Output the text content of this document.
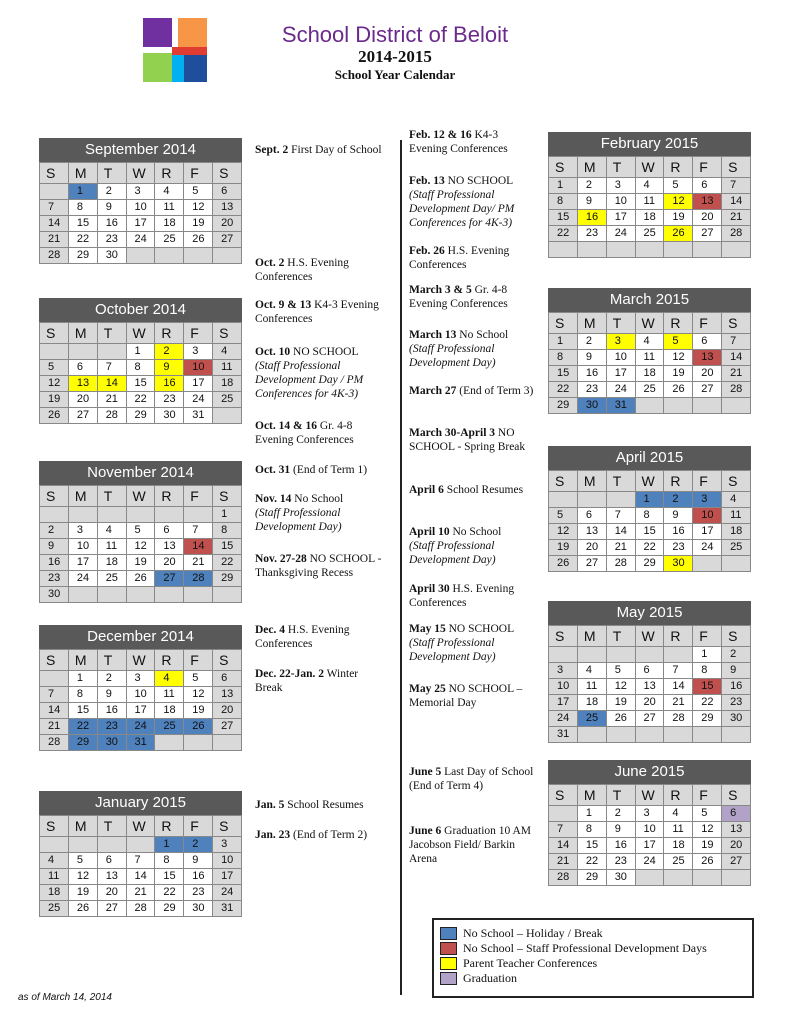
School District of Beloit
2014-2015
School Year Calendar
September 2014
S	M	T	W	R	F	S
	1	2	3	4	5	6
7	8	9	10	11	12	13
14	15	16	17	18	19	20
21	22	23	24	25	26	27
28	29	30				
October 2014
S	M	T	W	R	F	S
			1	2	3	4
5	6	7	8	9	10	11
12	13	14	15	16	17	18
19	20	21	22	23	24	25
26	27	28	29	30	31	
November 2014
S	M	T	W	R	F	S
						1
2	3	4	5	6	7	8
9	10	11	12	13	14	15
16	17	18	19	20	21	22
23	24	25	26	27	28	29
30						
December 2014
S	M	T	W	R	F	S
	1	2	3	4	5	6
7	8	9	10	11	12	13
14	15	16	17	18	19	20
21	22	23	24	25	26	27
28	29	30	31			
January 2015
S	M	T	W	R	F	S
				1	2	3
4	5	6	7	8	9	10
11	12	13	14	15	16	17
18	19	20	21	22	23	24
25	26	27	28	29	30	31
February 2015
S	M	T	W	R	F	S
1	2	3	4	5	6	7
8	9	10	11	12	13	14
15	16	17	18	19	20	21
22	23	24	25	26	27	28

March 2015
S	M	T	W	R	F	S
1	2	3	4	5	6	7
8	9	10	11	12	13	14
15	16	17	18	19	20	21
22	23	24	25	26	27	28
29	30	31				
April 2015
S	M	T	W	R	F	S
			1	2	3	4
5	6	7	8	9	10	11
12	13	14	15	16	17	18
19	20	21	22	23	24	25
26	27	28	29	30		
May 2015
S	M	T	W	R	F	S
					1	2
3	4	5	6	7	8	9
10	11	12	13	14	15	16
17	18	19	20	21	22	23
24	25	26	27	28	29	30
31						
June 2015
S	M	T	W	R	F	S
	1	2	3	4	5	6
7	8	9	10	11	12	13
14	15	16	17	18	19	20
21	22	23	24	25	26	27
28	29	30				
Sept. 2 First Day of School
Oct. 2 H.S. Evening Conferences
Oct. 9 & 13 K4-3 Evening Conferences
Oct. 10 NO SCHOOL
(Staff Professional Development Day / PM Conferences for 4K-3)
Oct. 14 & 16 Gr. 4-8 Evening Conferences
Oct. 31 (End of Term 1)
Nov. 14 No School
(Staff Professional Development Day)
Nov. 27-28 NO SCHOOL - Thanksgiving Recess
Dec. 4 H.S. Evening Conferences
Dec. 22-Jan. 2 Winter Break
Jan. 5 School Resumes
Jan. 23 (End of Term 2)
Feb. 12 & 16 K4-3 Evening Conferences
Feb. 13 NO SCHOOL
(Staff Professional Development Day/ PM Conferences for 4K-3)
Feb. 26 H.S. Evening Conferences
March 3 & 5 Gr. 4-8 Evening Conferences
March 13 No School
(Staff Professional Development Day)
March 27 (End of Term 3)
March 30-April 3 NO SCHOOL - Spring Break
April 6 School Resumes
April 10 No School
(Staff Professional Development Day)
April 30 H.S. Evening Conferences
May 15 NO SCHOOL
(Staff Professional Development Day)
May 25 NO SCHOOL – Memorial Day
June 5 Last Day of School (End of Term 4)
June 6 Graduation 10 AM Jacobson Field/ Barkin Arena
No School – Holiday / Break
No School – Staff Professional Development Days
Parent Teacher Conferences
Graduation
as of March 14, 2014
